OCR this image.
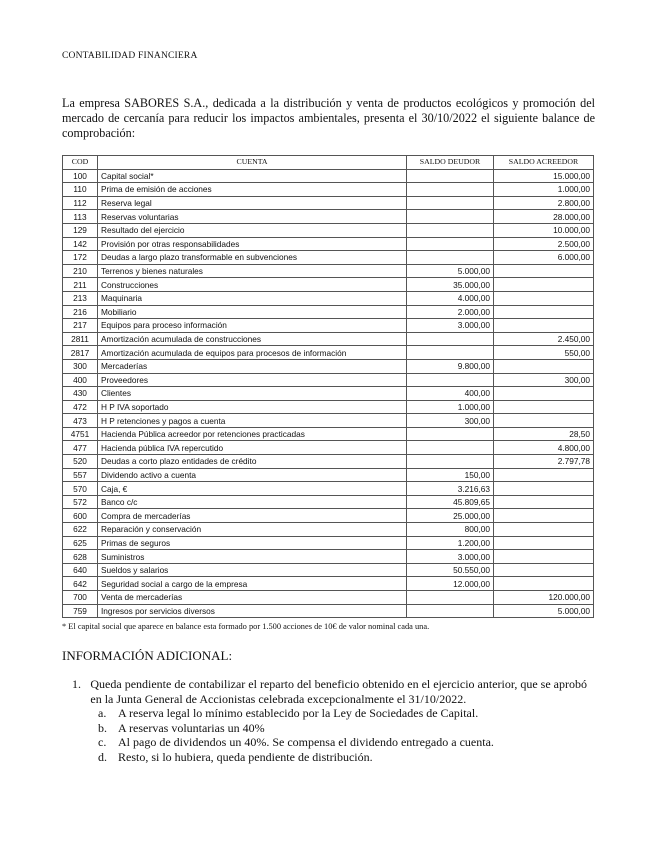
CONTABILIDAD FINANCIERA
La empresa SABORES S.A., dedicada a la distribución y venta de productos ecológicos y promoción del mercado de cercanía para reducir los impactos ambientales, presenta el 30/10/2022 el siguiente balance de comprobación:
COD	CUENTA	SALDO DEUDOR	SALDO ACREEDOR
100	Capital social*		15.000,00
110	Prima de emisión de acciones		1.000,00
112	Reserva legal		2.800,00
113	Reservas voluntarias		28.000,00
129	Resultado del ejercicio		10.000,00
142	Provisión por otras responsabilidades		2.500,00
172	Deudas a largo plazo transformable en subvenciones		6.000,00
210	Terrenos y bienes naturales	5.000,00	
211	Construcciones	35.000,00	
213	Maquinaria	4.000,00	
216	Mobiliario	2.000,00	
217	Equipos para proceso información	3.000,00	
2811	Amortización acumulada de construcciones		2.450,00
2817	Amortización acumulada de equipos para procesos de información		550,00
300	Mercaderías	9.800,00	
400	Proveedores		300,00
430	Clientes	400,00	
472	H P IVA soportado	1.000,00	
473	H P retenciones y pagos a cuenta	300,00	
4751	Hacienda Pública acreedor por retenciones practicadas		28,50
477	Hacienda pública IVA repercutido		4.800,00
520	Deudas a corto plazo entidades de crédito		2.797,78
557	Dividendo activo a cuenta	150,00	
570	Caja, €	3.216,63	
572	Banco c/c	45.809,65	
600	Compra de mercaderías	25.000,00	
622	Reparación y conservación	800,00	
625	Primas de seguros	1.200,00	
628	Suministros	3.000,00	
640	Sueldos y salarios	50.550,00	
642	Seguridad social a cargo de la empresa	12.000,00	
700	Venta de mercaderías		120.000,00
759	Ingresos por servicios diversos		5.000,00
* El capital social que aparece en balance esta formado por 1.500 acciones de 10€ de valor nominal cada una.
INFORMACIÓN ADICIONAL:
1. Queda pendiente de contabilizar el reparto del beneficio obtenido en el ejercicio anterior, que se aprobó en la Junta General de Accionistas celebrada excepcionalmente el 31/10/2022.
a. A reserva legal lo mínimo establecido por la Ley de Sociedades de Capital.
b. A reservas voluntarias un 40%
c. Al pago de dividendos un 40%. Se compensa el dividendo entregado a cuenta.
d. Resto, si lo hubiera, queda pendiente de distribución.
